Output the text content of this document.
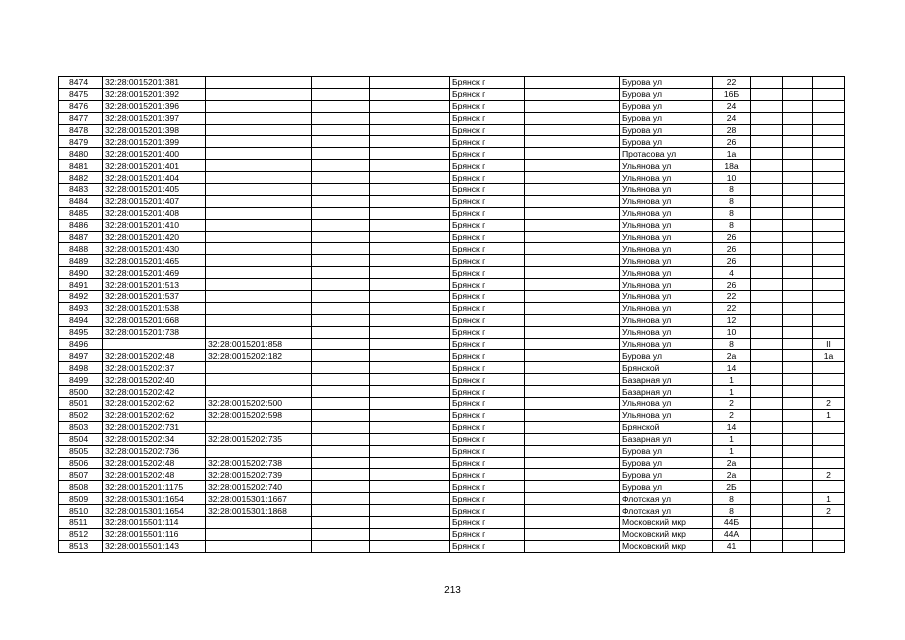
8474	32:28:0015201:381				Брянск г		Бурова ул	22			
8475	32:28:0015201:392				Брянск г		Бурова ул	16Б			
8476	32:28:0015201:396				Брянск г		Бурова ул	24			
8477	32:28:0015201:397				Брянск г		Бурова ул	24			
8478	32:28:0015201:398				Брянск г		Бурова ул	28			
8479	32:28:0015201:399				Брянск г		Бурова ул	26			
8480	32:28:0015201:400				Брянск г		Протасова ул	1а			
8481	32:28:0015201:401				Брянск г		Ульянова ул	18а			
8482	32:28:0015201:404				Брянск г		Ульянова ул	10			
8483	32:28:0015201:405				Брянск г		Ульянова ул	8			
8484	32:28:0015201:407				Брянск г		Ульянова ул	8			
8485	32:28:0015201:408				Брянск г		Ульянова ул	8			
8486	32:28:0015201:410				Брянск г		Ульянова ул	8			
8487	32:28:0015201:420				Брянск г		Ульянова ул	26			
8488	32:28:0015201:430				Брянск г		Ульянова ул	26			
8489	32:28:0015201:465				Брянск г		Ульянова ул	26			
8490	32:28:0015201:469				Брянск г		Ульянова ул	4			
8491	32:28:0015201:513				Брянск г		Ульянова ул	26			
8492	32:28:0015201:537				Брянск г		Ульянова ул	22			
8493	32:28:0015201:538				Брянск г		Ульянова ул	22			
8494	32:28:0015201:668				Брянск г		Ульянова ул	12			
8495	32:28:0015201:738				Брянск г		Ульянова ул	10			
8496		32:28:0015201:858			Брянск г		Ульянова ул	8			II
8497	32:28:0015202:48	32:28:0015202:182			Брянск г		Бурова ул	2а			1а
8498	32:28:0015202:37				Брянск г		Брянской	14			
8499	32:28:0015202:40				Брянск г		Базарная ул	1			
8500	32:28:0015202:42				Брянск г		Базарная ул	1			
8501	32:28:0015202:62	32:28:0015202:500			Брянск г		Ульянова ул	2			2
8502	32:28:0015202:62	32:28:0015202:598			Брянск г		Ульянова ул	2			1
8503	32:28:0015202:731				Брянск г		Брянской	14			
8504	32:28:0015202:34	32:28:0015202:735			Брянск г		Базарная ул	1			
8505	32:28:0015202:736				Брянск г		Бурова ул	1			
8506	32:28:0015202:48	32:28:0015202:738			Брянск г		Бурова ул	2а			
8507	32:28:0015202:48	32:28:0015202:739			Брянск г		Бурова ул	2а			2
8508	32:28:0015201:1175	32:28:0015202:740			Брянск г		Бурова ул	2Б			
8509	32:28:0015301:1654	32:28:0015301:1667			Брянск г		Флотская ул	8			1
8510	32:28:0015301:1654	32:28:0015301:1868			Брянск г		Флотская ул	8			2
8511	32:28:0015501:114				Брянск г		Московский мкр	44Б			
8512	32:28:0015501:116				Брянск г		Московский мкр	44А			
8513	32:28:0015501:143				Брянск г		Московский мкр	41			
213
